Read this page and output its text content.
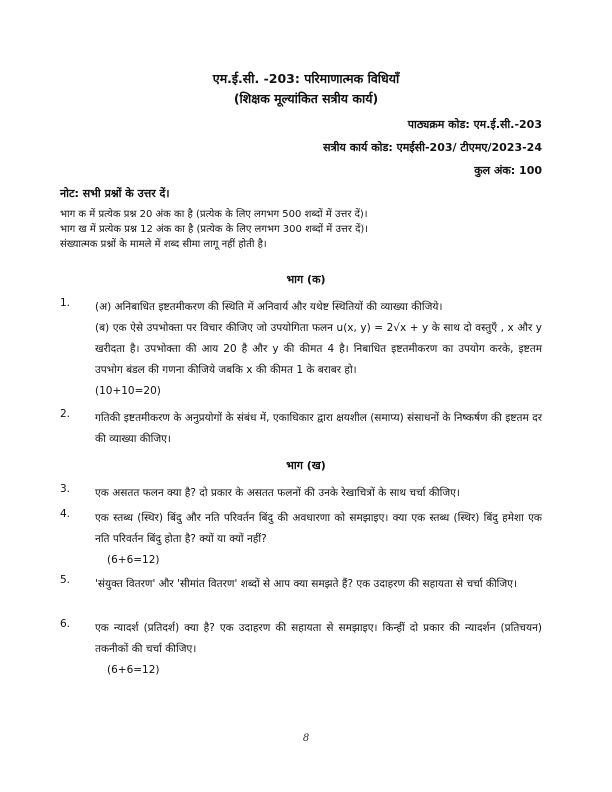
एम.ई.सी. -203: परिमाणात्मक विधियाँ
(शिक्षक मूल्यांकित सत्रीय कार्य)
पाठ्यक्रम कोड: एम.ई.सी.-203
सत्रीय कार्य कोड: एमईसी-203/ टीएमए/2023-24
कुल अंक: 100
नोट: सभी प्रश्नों के उत्तर दें।
भाग क में प्रत्येक प्रश्न 20 अंक का है (प्रत्येक के लिए लगभग 500 शब्दों में उत्तर दें)।
भाग ख में प्रत्येक प्रश्न 12 अंक का है (प्रत्येक के लिए लगभग 300 शब्दों में उत्तर दें)।
संख्यात्मक प्रश्नों के मामले में शब्द सीमा लागू नहीं होती है।
भाग (क)
1. (अ) अनिबाधित इष्टतमीकरण की स्थिति में अनिवार्य और यथेष्ट स्थितियों की व्याख्या कीजिये।
(ब) एक ऐसे उपभोक्ता पर विचार कीजिए जो उपयोगिता फलन u(x, y) = 2√x + y के साथ दो वस्तुएँ , x और y खरीदता है। उपभोक्ता की आय 20 है और y की कीमत 4 है। निबाधित इष्टतमीकरण का उपयोग करके, इष्टतम उपभोग बंडल की गणना कीजिये जबकि x की कीमत 1 के बराबर हो।
(10+10=20)
2. गतिकी इष्टतमीकरण के अनुप्रयोगों के संबंध में, एकाधिकार द्वारा क्षयशील (समाप्य) संसाधनों के निष्कर्षण की इष्टतम दर की व्याख्या कीजिए।
भाग (ख)
3. एक असतत फलन क्या है? दो प्रकार के असतत फलनों की उनके रेखाचित्रों के साथ चर्चा कीजिए।
4. एक स्तब्ध (स्थिर) बिंदु और नति परिवर्तन बिंदु की अवधारणा को समझाइए। क्या एक स्तब्ध (स्थिर) बिंदु हमेशा एक नति परिवर्तन बिंदु होता है? क्यों या क्यों नहीं?
(6+6=12)
5. 'संयुक्त वितरण' और 'सीमांत वितरण' शब्दों से आप क्या समझते हैं? एक उदाहरण की सहायता से चर्चा कीजिए।
6. एक न्यादर्श (प्रतिदर्श) क्या है? एक उदाहरण की सहायता से समझाइए। किन्हीं दो प्रकार की न्यादर्शन (प्रतिचयन) तकनीकों की चर्चा कीजिए।
(6+6=12)
8
